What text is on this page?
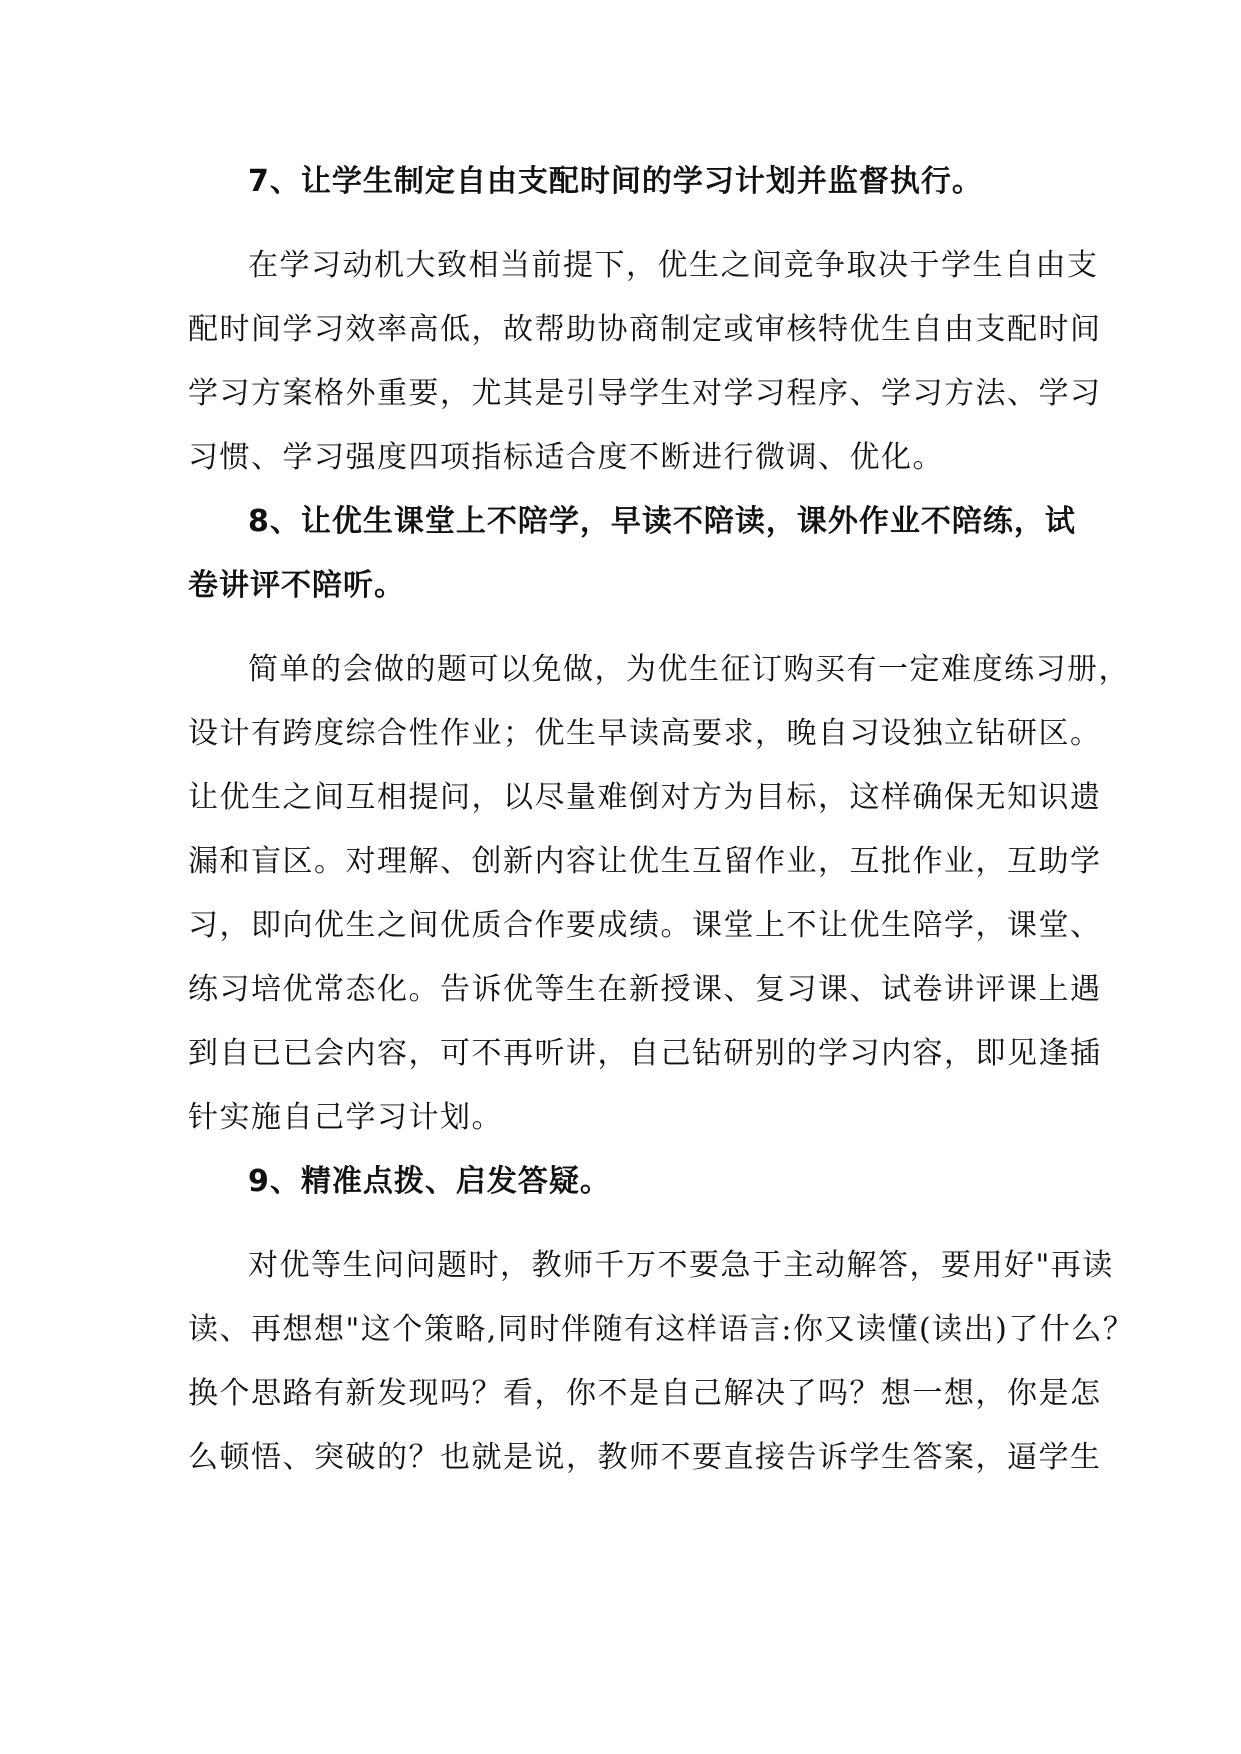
7、让学生制定自由支配时间的学习计划并监督执行。
在学习动机大致相当前提下，优生之间竞争取决于学生自由支
配时间学习效率高低，故帮助协商制定或审核特优生自由支配时间
学习方案格外重要，尤其是引导学生对学习程序、学习方法、学习
习惯、学习强度四项指标适合度不断进行微调、优化。
8、让优生课堂上不陪学，早读不陪读，课外作业不陪练，试
卷讲评不陪听。
简单的会做的题可以免做，为优生征订购买有一定难度练习册，
设计有跨度综合性作业；优生早读高要求，晚自习设独立钻研区。
让优生之间互相提问，以尽量难倒对方为目标，这样确保无知识遗
漏和盲区。对理解、创新内容让优生互留作业，互批作业，互助学
习，即向优生之间优质合作要成绩。课堂上不让优生陪学，课堂、
练习培优常态化。告诉优等生在新授课、复习课、试卷讲评课上遇
到自已已会内容，可不再听讲，自己钻研别的学习内容，即见逢插
针实施自己学习计划。
9、精准点拨、启发答疑。
对优等生问问题时，教师千万不要急于主动解答，要用好"再读
读、再想想"这个策略,同时伴随有这样语言:你又读懂(读出)了什么？
换个思路有新发现吗？看，你不是自己解决了吗？想一想，你是怎
么顿悟、突破的？也就是说，教师不要直接告诉学生答案，逼学生
